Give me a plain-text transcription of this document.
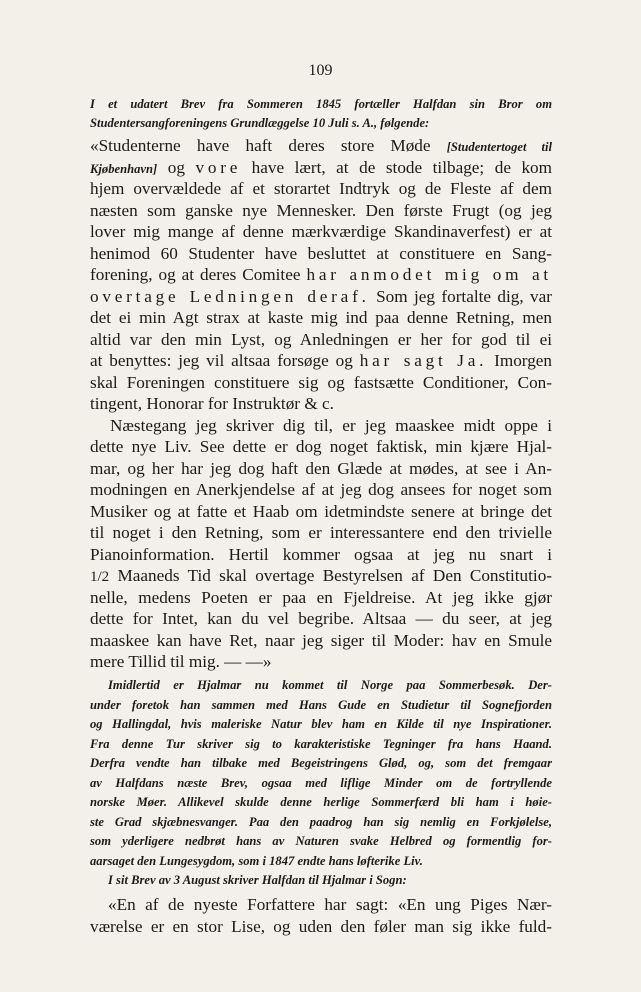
109
I et udatert Brev fra Sommeren 1845 fortæller Halfdan sin Bror om
Studentersangforeningens Grundlæggelse 10 Juli s. A., følgende:
«Studenterne have haft deres store Møde [Studentertoget til
Kjøbenhavn] og vore have lært, at de stode tilbage; de kom
hjem overvældede af et storartet Indtryk og de Fleste af dem
næsten som ganske nye Mennesker. Den første Frugt (og jeg
lover mig mange af denne mærkværdige Skandinaverfest) er at
henimod 60 Studenter have besluttet at constituere en Sang-
forening, og at deres Comitee har anmodet mig om at
overtage Ledningen deraf. Som jeg fortalte dig, var
det ei min Agt strax at kaste mig ind paa denne Retning, men
altid var den min Lyst, og Anledningen er her for god til ei
at benyttes: jeg vil altsaa forsøge og har sagt Ja. Imorgen
skal Foreningen constituere sig og fastsætte Conditioner, Con-
tingent, Honorar for Instruktør & c.
Næstegang jeg skriver dig til, er jeg maaskee midt oppe i
dette nye Liv. See dette er dog noget faktisk, min kjære Hjal-
mar, og her har jeg dog haft den Glæde at mødes, at see i An-
modningen en Anerkjendelse af at jeg dog ansees for noget som
Musiker og at fatte et Haab om idetmindste senere at bringe det
til noget i den Retning, som er interessantere end den trivielle
Pianoinformation. Hertil kommer ogsaa at jeg nu snart i
1/2 Maaneds Tid skal overtage Bestyrelsen af Den Constitutio-
nelle, medens Poeten er paa en Fjeldreise. At jeg ikke gjør
dette for Intet, kan du vel begribe. Altsaa — du seer, at jeg
maaskee kan have Ret, naar jeg siger til Moder: hav en Smule
mere Tillid til mig. — —»
Imidlertid er Hjalmar nu kommet til Norge paa Sommerbesøk. Der-
under foretok han sammen med Hans Gude en Studietur til Sognefjorden
og Hallingdal, hvis maleriske Natur blev ham en Kilde til nye Inspirationer.
Fra denne Tur skriver sig to karakteristiske Tegninger fra hans Haand.
Derfra vendte han tilbake med Begeistringens Glød, og, som det fremgaar
av Halfdans næste Brev, ogsaa med liflige Minder om de fortryllende
norske Møer. Allikevel skulde denne herlige Sommerfærd bli ham i høie-
ste Grad skjæbnesvanger. Paa den paadrog han sig nemlig en Forkjølelse,
som yderligere nedbrøt hans av Naturen svake Helbred og formentlig for-
aarsaget den Lungesygdom, som i 1847 endte hans løfterike Liv.
I sit Brev av 3 August skriver Halfdan til Hjalmar i Sogn:
«En af de nyeste Forfattere har sagt: «En ung Piges Nær-
værelse er en stor Lise, og uden den føler man sig ikke fuld-
